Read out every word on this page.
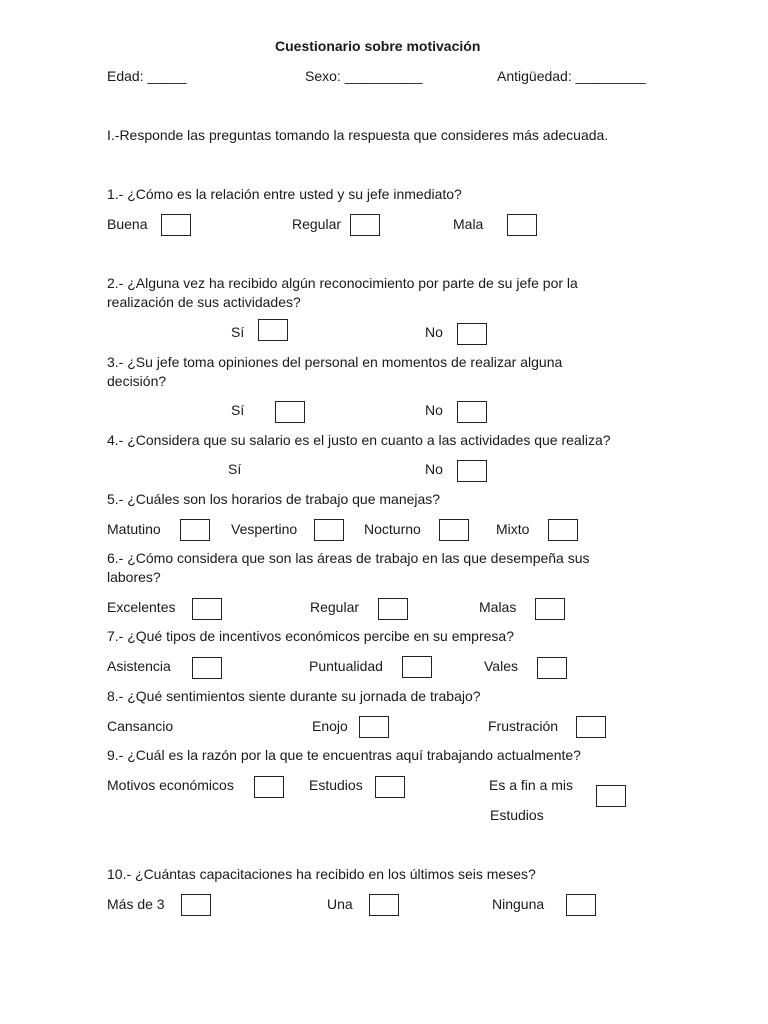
Cuestionario sobre motivación
Edad: _____	Sexo: __________	Antigüedad: _________
I.-Responde las preguntas tomando la respuesta que consideres más adecuada.
1.- ¿Cómo es la relación entre usted y su jefe inmediato?
Buena	Regular	Mala
2.- ¿Alguna vez ha recibido algún reconocimiento por parte de su jefe por la
realización de sus actividades?
Sí	No
3.- ¿Su jefe toma opiniones del personal en momentos de realizar alguna
decisión?
Sí	No
4.- ¿Considera que su salario es el justo en cuanto a las actividades que realiza?
Sí	No
5.- ¿Cuáles son los horarios de trabajo que manejas?
Matutino	Vespertino	Nocturno	Mixto
6.- ¿Cómo considera que son las áreas de trabajo en las que desempeña sus
labores?
Excelentes	Regular	Malas
7.- ¿Qué tipos de incentivos económicos percibe en su empresa?
Asistencia	Puntualidad	Vales
8.- ¿Qué sentimientos siente durante su jornada de trabajo?
Cansancio	Enojo	Frustración
9.- ¿Cuál es la razón por la que te encuentras aquí trabajando actualmente?
Motivos económicos	Estudios	Es a fin a mis
Estudios
10.- ¿Cuántas capacitaciones ha recibido en los últimos seis meses?
Más de 3	Una	Ninguna
